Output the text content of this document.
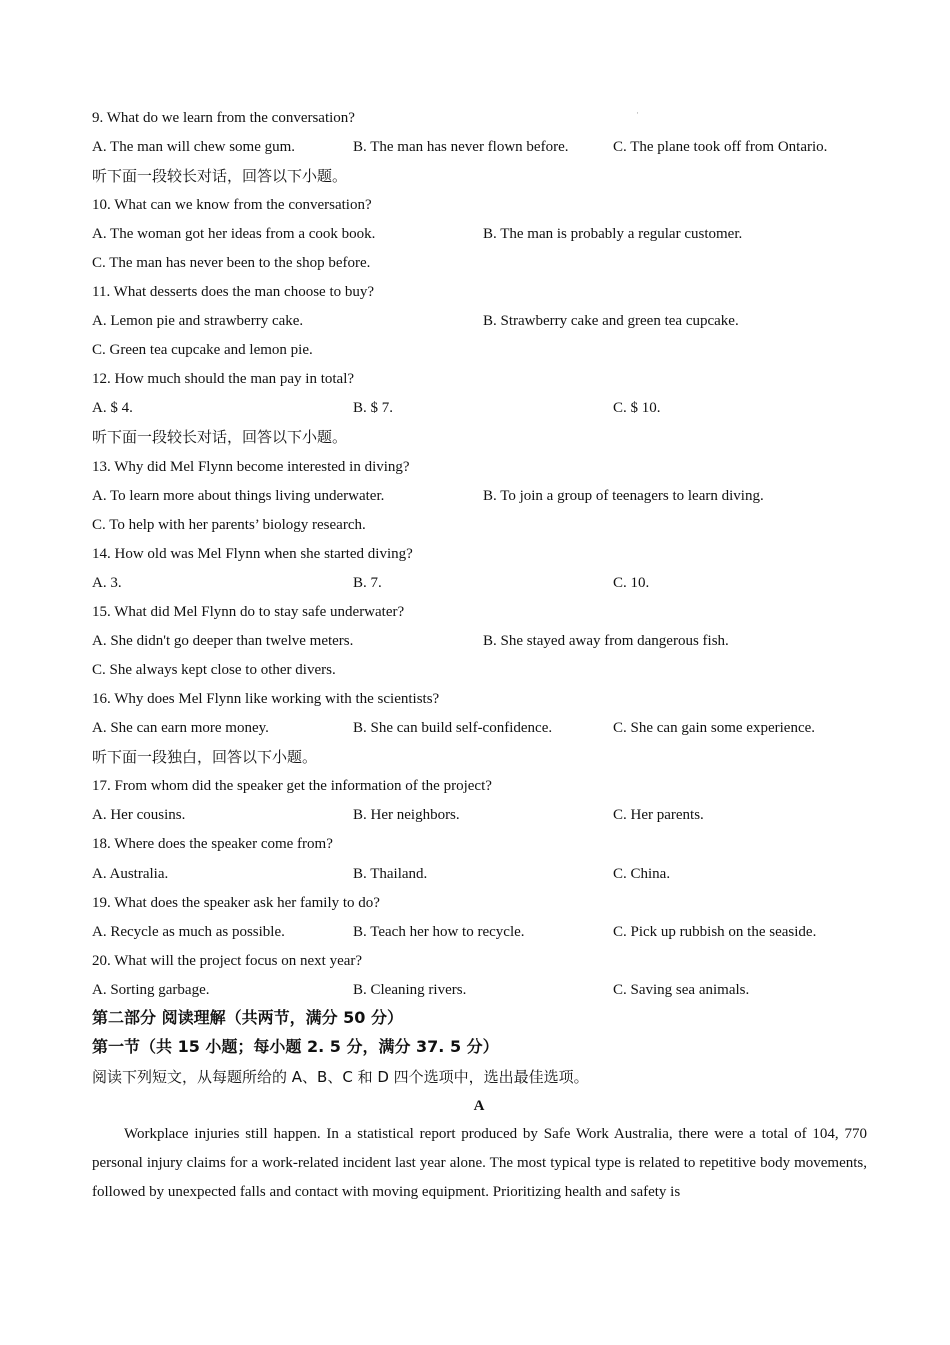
·
9. What do we learn from the conversation?
A. The man will chew some gum.	B. The man has never flown before.	C. The plane took off from Ontario.
听下面一段较长对话，回答以下小题。
10. What can we know from the conversation?
A. The woman got her ideas from a cook book.	B. The man is probably a regular customer.
C. The man has never been to the shop before.
11. What desserts does the man choose to buy?
A. Lemon pie and strawberry cake.	B. Strawberry cake and green tea cupcake.
C. Green tea cupcake and lemon pie.
12. How much should the man pay in total?
A. $ 4.	B. $ 7.	C. $ 10.
听下面一段较长对话，回答以下小题。
13. Why did Mel Flynn become interested in diving?
A. To learn more about things living underwater.	B. To join a group of teenagers to learn diving.
C. To help with her parents’ biology research.
14. How old was Mel Flynn when she started diving?
A. 3.	B. 7.	C. 10.
15. What did Mel Flynn do to stay safe underwater?
A. She didn't go deeper than twelve meters.	B. She stayed away from dangerous fish.
C. She always kept close to other divers.
16. Why does Mel Flynn like working with the scientists?
A. She can earn more money.	B. She can build self-confidence.	C. She can gain some experience.
听下面一段独白，回答以下小题。
17. From whom did the speaker get the information of the project?
A. Her cousins.	B. Her neighbors.	C. Her parents.
18. Where does the speaker come from?
A. Australia.	B. Thailand.	C. China.
19. What does the speaker ask her family to do?
A. Recycle as much as possible.	B. Teach her how to recycle.	C. Pick up rubbish on the seaside.
20. What will the project focus on next year?
A. Sorting garbage.	B. Cleaning rivers.	C. Saving sea animals.
第二部分 阅读理解（共两节，满分 50 分）
第一节（共 15 小题；每小题 2. 5 分，满分 37. 5 分）
阅读下列短文，从每题所给的 A、B、C 和 D 四个选项中，选出最佳选项。
A
Workplace injuries still happen. In a statistical report produced by Safe Work Australia, there were a total of 104, 770 personal injury claims for a work-related incident last year alone. The most typical type is related to repetitive body movements, followed by unexpected falls and contact with moving equipment. Prioritizing health and safety is
